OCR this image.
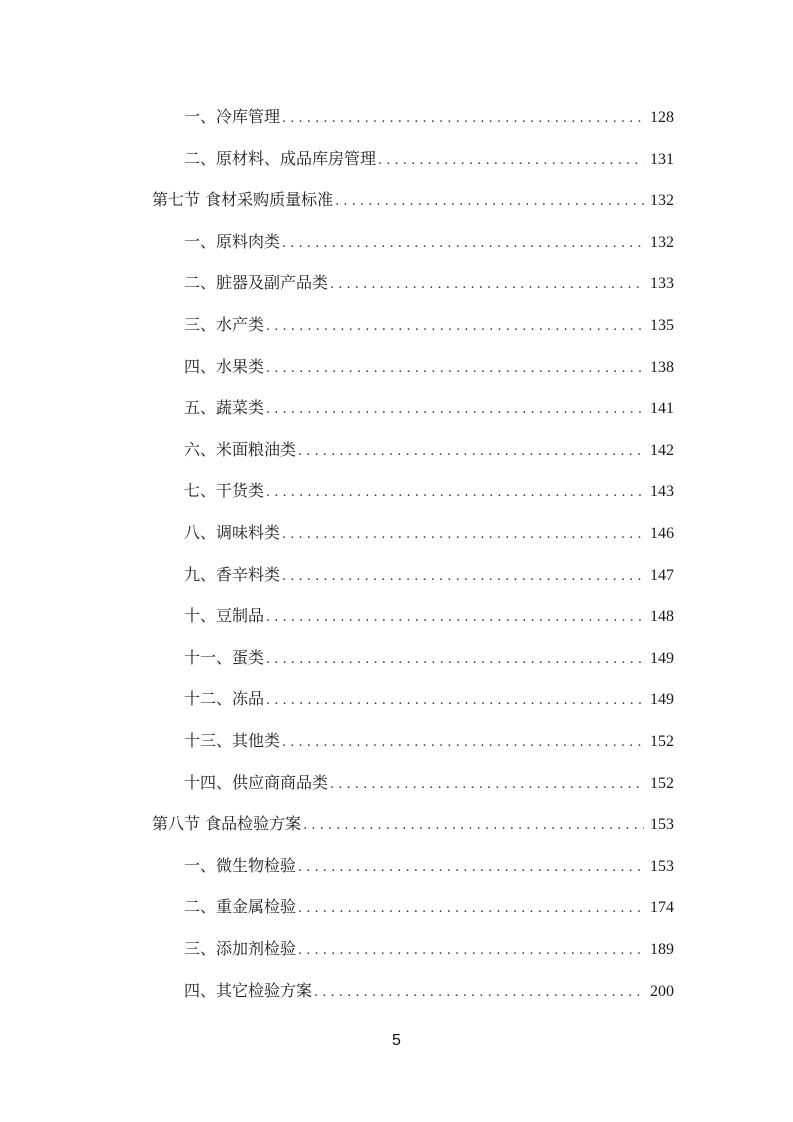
一、冷库管理 . . .	128
二、原材料、成品库房管理 . . .	131
第七节 食材采购质量标准 . . .	132
一、原料肉类 . . .	132
二、脏器及副产品类 . . .	133
三、水产类 . . .	135
四、水果类 . . .	138
五、蔬菜类 . . .	141
六、米面粮油类 . . .	142
七、干货类 . . .	143
八、调味料类 . . .	146
九、香辛料类 . . .	147
十、豆制品 . . .	148
十一、蛋类 . . .	149
十二、冻品 . . .	149
十三、其他类 . . .	152
十四、供应商商品类 . . .	152
第八节 食品检验方案 . . .	153
一、微生物检验 . . .	153
二、重金属检验 . . .	174
三、添加剂检验 . . .	189
四、其它检验方案 . . .	200
5
